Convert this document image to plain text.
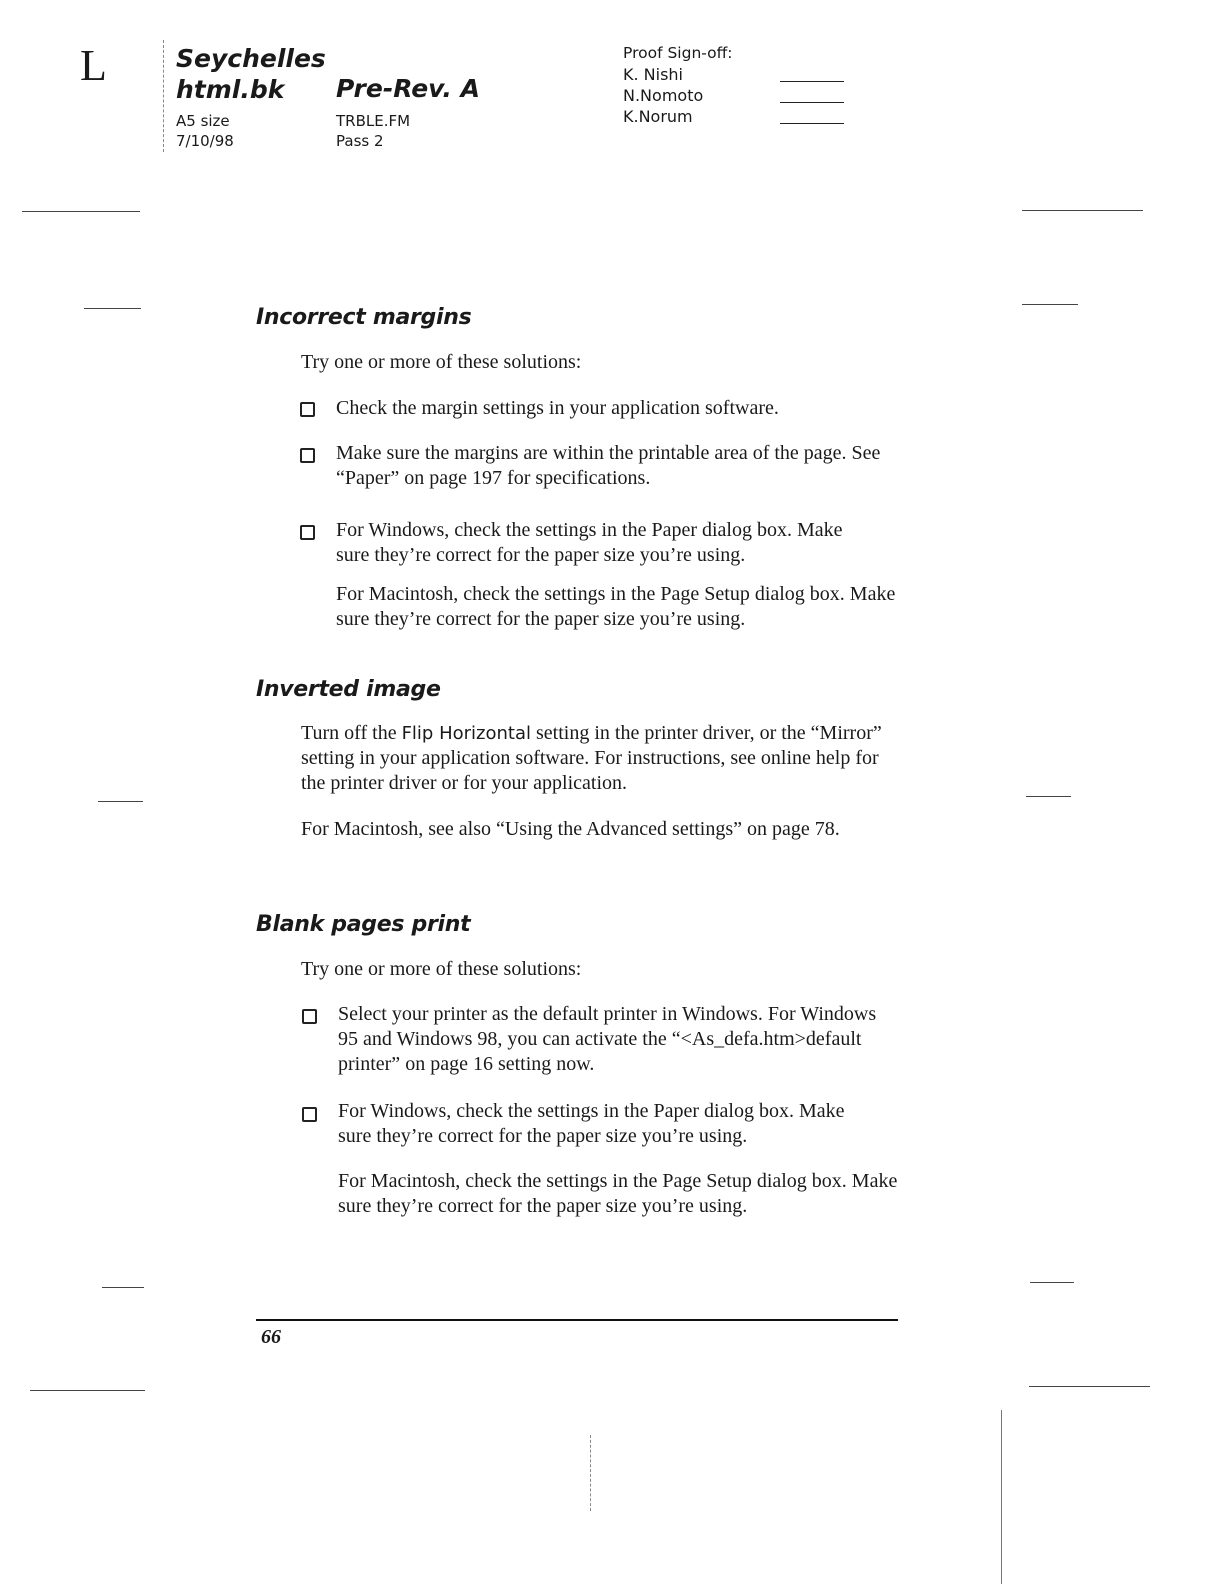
L	Seychelles
html.bk	Pre-Rev. A
A5 size
7/10/98
TRBLE.FM
Pass 2
Proof Sign-off:
K. Nishi
N.Nomoto
K.Norum
Incorrect margins
Try one or more of these solutions:
Check the margin settings in your application software.
Make sure the margins are within the printable area of the page. See “Paper” on page 197 for specifications.
For Windows, check the settings in the Paper dialog box. Make sure they’re correct for the paper size you’re using.
For Macintosh, check the settings in the Page Setup dialog box. Make sure they’re correct for the paper size you’re using.
Inverted image
Turn off the Flip Horizontal setting in the printer driver, or the “Mirror” setting in your application software. For instructions, see online help for the printer driver or for your application.
For Macintosh, see also “Using the Advanced settings” on page 78.
Blank pages print
Try one or more of these solutions:
Select your printer as the default printer in Windows. For Windows 95 and Windows 98, you can activate the “<As_defa.htm>default printer” on page 16 setting now.
For Windows, check the settings in the Paper dialog box. Make sure they’re correct for the paper size you’re using.
For Macintosh, check the settings in the Page Setup dialog box. Make sure they’re correct for the paper size you’re using.
66
